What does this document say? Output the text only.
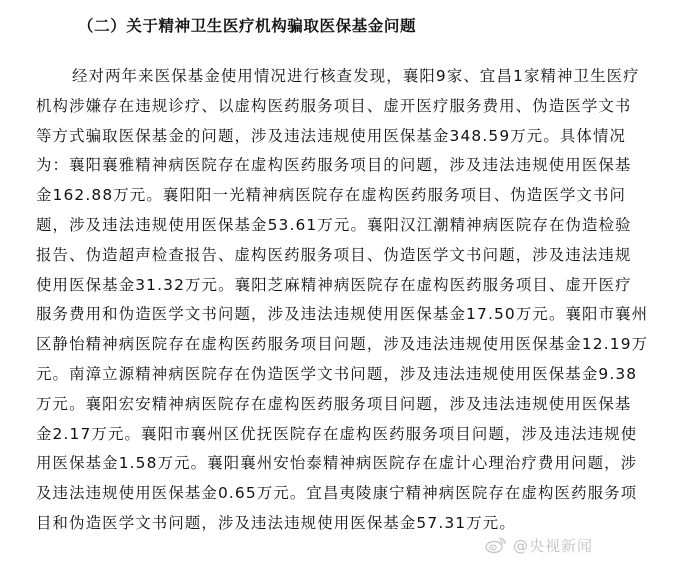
（二）关于精神卫生医疗机构骗取医保基金问题
经对两年来医保基金使用情况进行核查发现，襄阳9家、宜昌1家精神卫生医疗
机构涉嫌存在违规诊疗、以虚构医药服务项目、虚开医疗服务费用、伪造医学文书
等方式骗取医保基金的问题，涉及违法违规使用医保基金348.59万元。具体情况
为：襄阳襄雅精神病医院存在虚构医药服务项目的问题，涉及违法违规使用医保基
金162.88万元。襄阳阳一光精神病医院存在虚构医药服务项目、伪造医学文书问
题，涉及违法违规使用医保基金53.61万元。襄阳汉江潮精神病医院存在伪造检验
报告、伪造超声检查报告、虚构医药服务项目、伪造医学文书问题，涉及违法违规
使用医保基金31.32万元。襄阳芝麻精神病医院存在虚构医药服务项目、虚开医疗
服务费用和伪造医学文书问题，涉及违法违规使用医保基金17.50万元。襄阳市襄州
区静怡精神病医院存在虚构医药服务项目问题，涉及违法违规使用医保基金12.19万
元。南漳立源精神病医院存在伪造医学文书问题，涉及违法违规使用医保基金9.38
万元。襄阳宏安精神病医院存在虚构医药服务项目问题，涉及违法违规使用医保基
金2.17万元。襄阳市襄州区优抚医院存在虚构医药服务项目问题，涉及违法违规使
用医保基金1.58万元。襄阳襄州安怡泰精神病医院存在虚计心理治疗费用问题，涉
及违法违规使用医保基金0.65万元。宜昌夷陵康宁精神病医院存在虚构医药服务项
目和伪造医学文书问题，涉及违法违规使用医保基金57.31万元。
@央视新闻
